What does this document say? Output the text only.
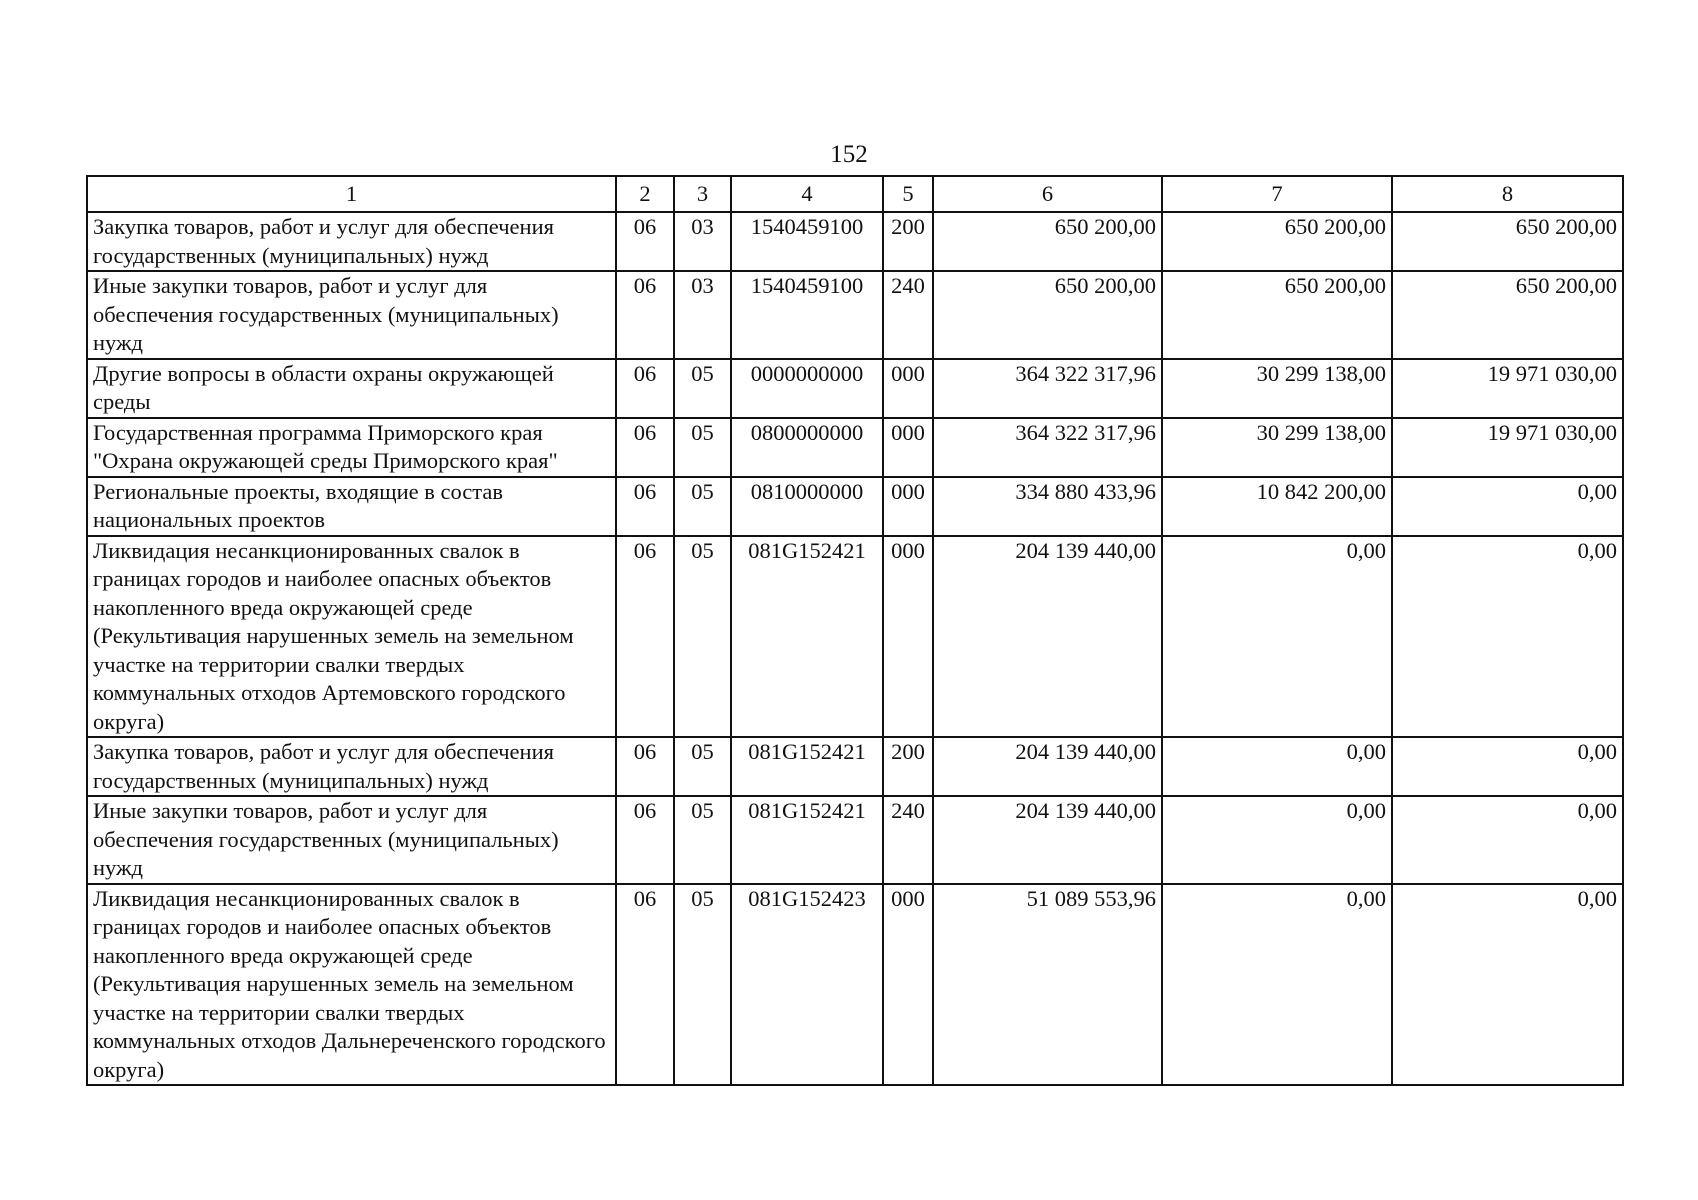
152
1	2	3	4	5	6	7	8
Закупка товаров, работ и услуг для обеспечения государственных (муниципальных) нужд	06	03	1540459100	200	650 200,00	650 200,00	650 200,00
Иные закупки товаров, работ и услуг для обеспечения государственных (муниципальных) нужд	06	03	1540459100	240	650 200,00	650 200,00	650 200,00
Другие вопросы в области охраны окружающей среды	06	05	0000000000	000	364 322 317,96	30 299 138,00	19 971 030,00
Государственная программа Приморского края "Охрана окружающей среды Приморского края"	06	05	0800000000	000	364 322 317,96	30 299 138,00	19 971 030,00
Региональные проекты, входящие в состав национальных проектов	06	05	0810000000	000	334 880 433,96	10 842 200,00	0,00
Ликвидация несанкционированных свалок в границах городов и наиболее опасных объектов накопленного вреда окружающей среде (Рекультивация нарушенных земель на земельном участке на территории свалки твердых коммунальных отходов Артемовского городского округа)	06	05	081G152421	000	204 139 440,00	0,00	0,00
Закупка товаров, работ и услуг для обеспечения государственных (муниципальных) нужд	06	05	081G152421	200	204 139 440,00	0,00	0,00
Иные закупки товаров, работ и услуг для обеспечения государственных (муниципальных) нужд	06	05	081G152421	240	204 139 440,00	0,00	0,00
Ликвидация несанкционированных свалок в границах городов и наиболее опасных объектов накопленного вреда окружающей среде (Рекультивация нарушенных земель на земельном участке на территории свалки твердых коммунальных отходов Дальнереченского городского округа)	06	05	081G152423	000	51 089 553,96	0,00	0,00
